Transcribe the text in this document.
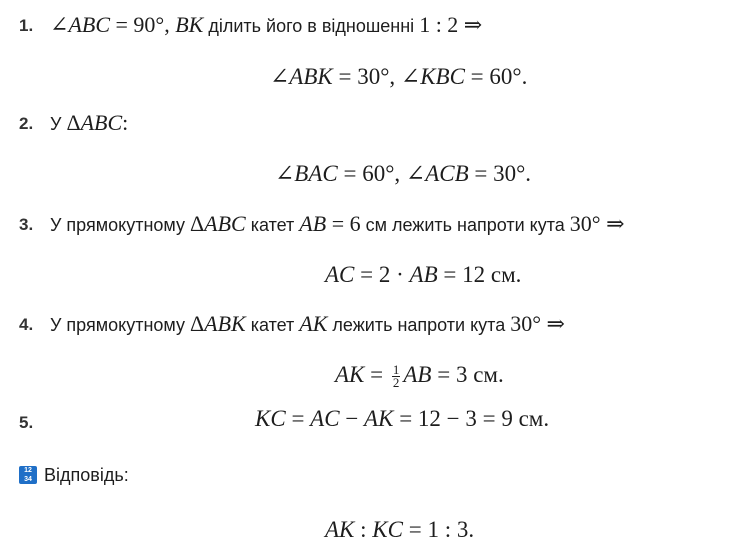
1. ∠ABC = 90°, BK ділить його в відношенні 1 : 2 ⇒
∠ABK = 30°, ∠KBC = 60°.
2. У ΔABC:
∠BAC = 60°, ∠ACB = 30°.
3. У прямокутному ΔABC катет AB = 6 см лежить напроти кута 30° ⇒
AC = 2 · AB = 12 см.
4. У прямокутному ΔABK катет AK лежить напроти кута 30° ⇒
AK = $\frac{1}{2}$ AB = 3 см.
5.	KC = AC − AK = 12 − 3 = 9 см.
12
34 Відповідь:
AK : KC = 1 : 3.
